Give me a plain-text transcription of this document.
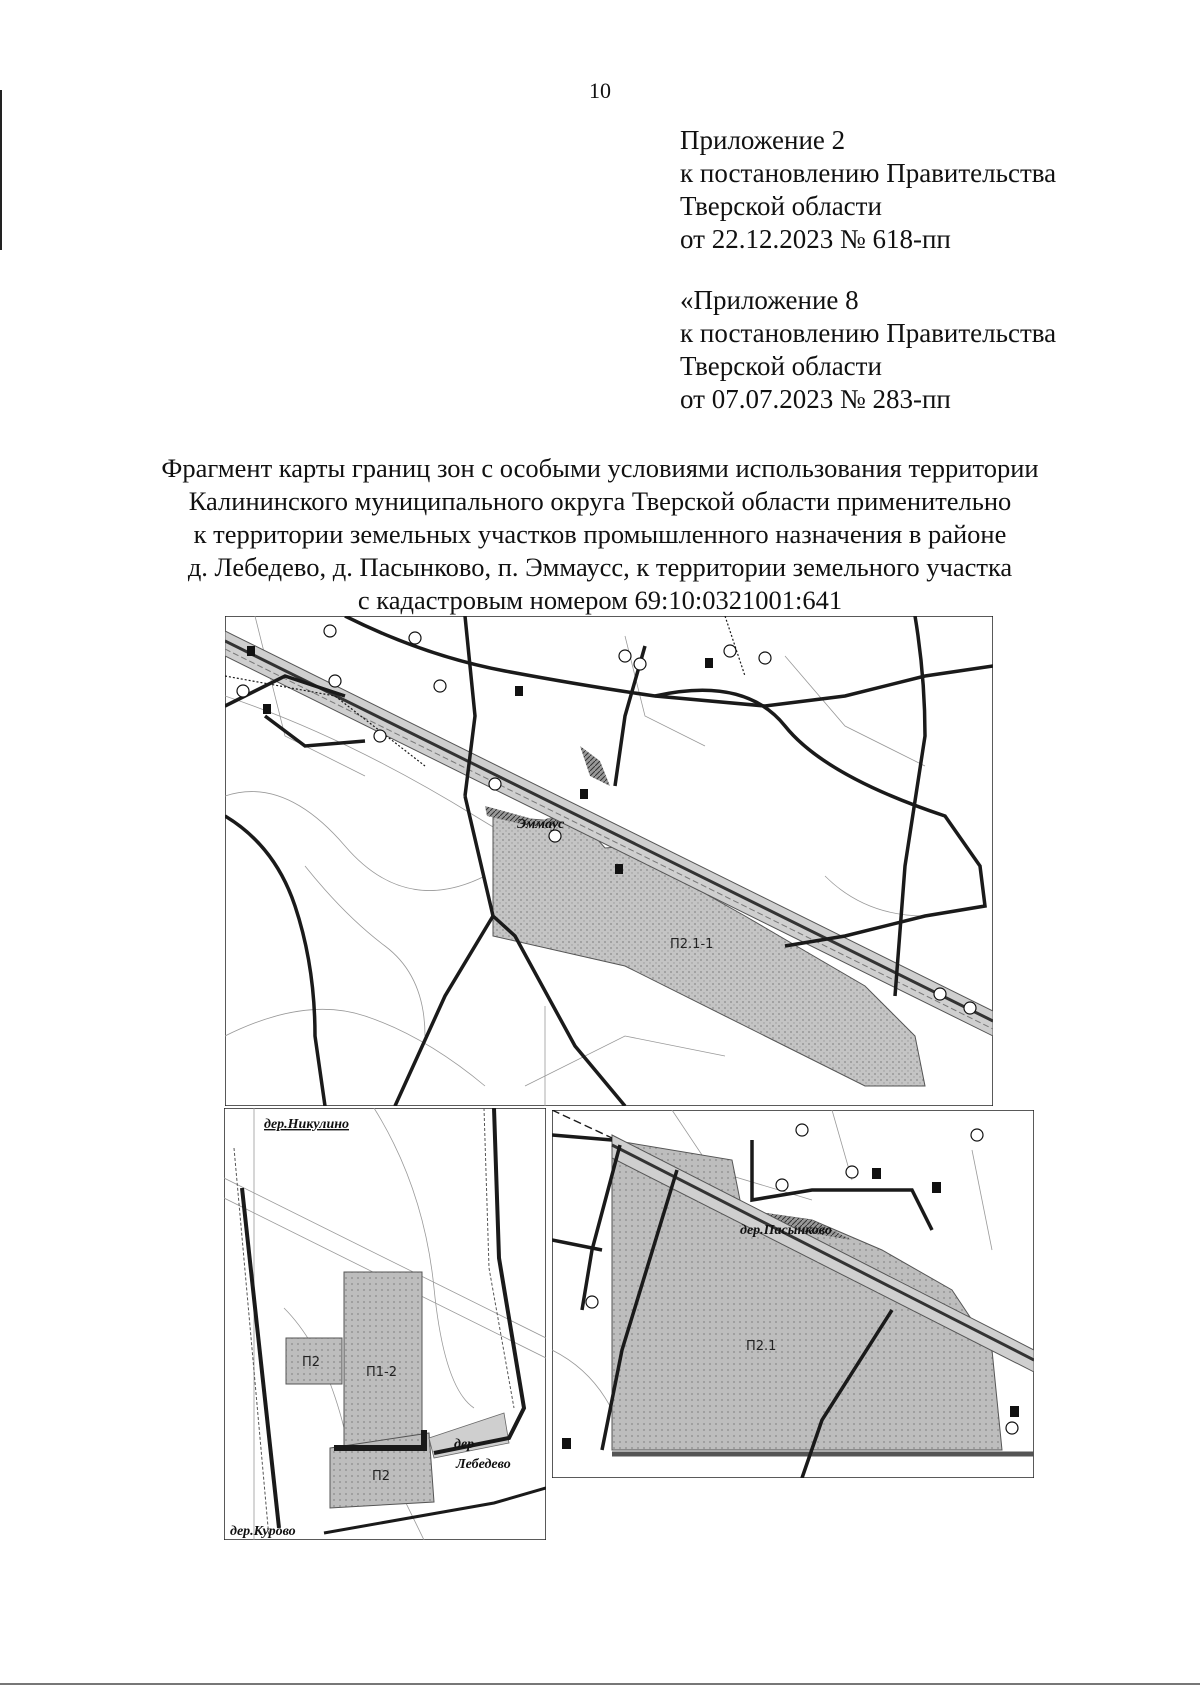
10
Приложение 2
к постановлению Правительства
Тверской области
от 22.12.2023 № 618-пп
«Приложение 8
к постановлению Правительства
Тверской области
от 07.07.2023 № 283-пп
Фрагмент карты границ зон с особыми условиями использования территории
Калининского муниципального округа Тверской области применительно
к территории земельных участков промышленного назначения в районе
д. Лебедево, д. Пасынково, п. Эммаусс, к территории земельного участка
с кадастровым номером 69:10:0321001:641
Эммаус
П2.1-1
дер.Никулино
дер
Лебедево
дер.Курово
П2
П1-2
П2
дер.Пасынково
П2.1
